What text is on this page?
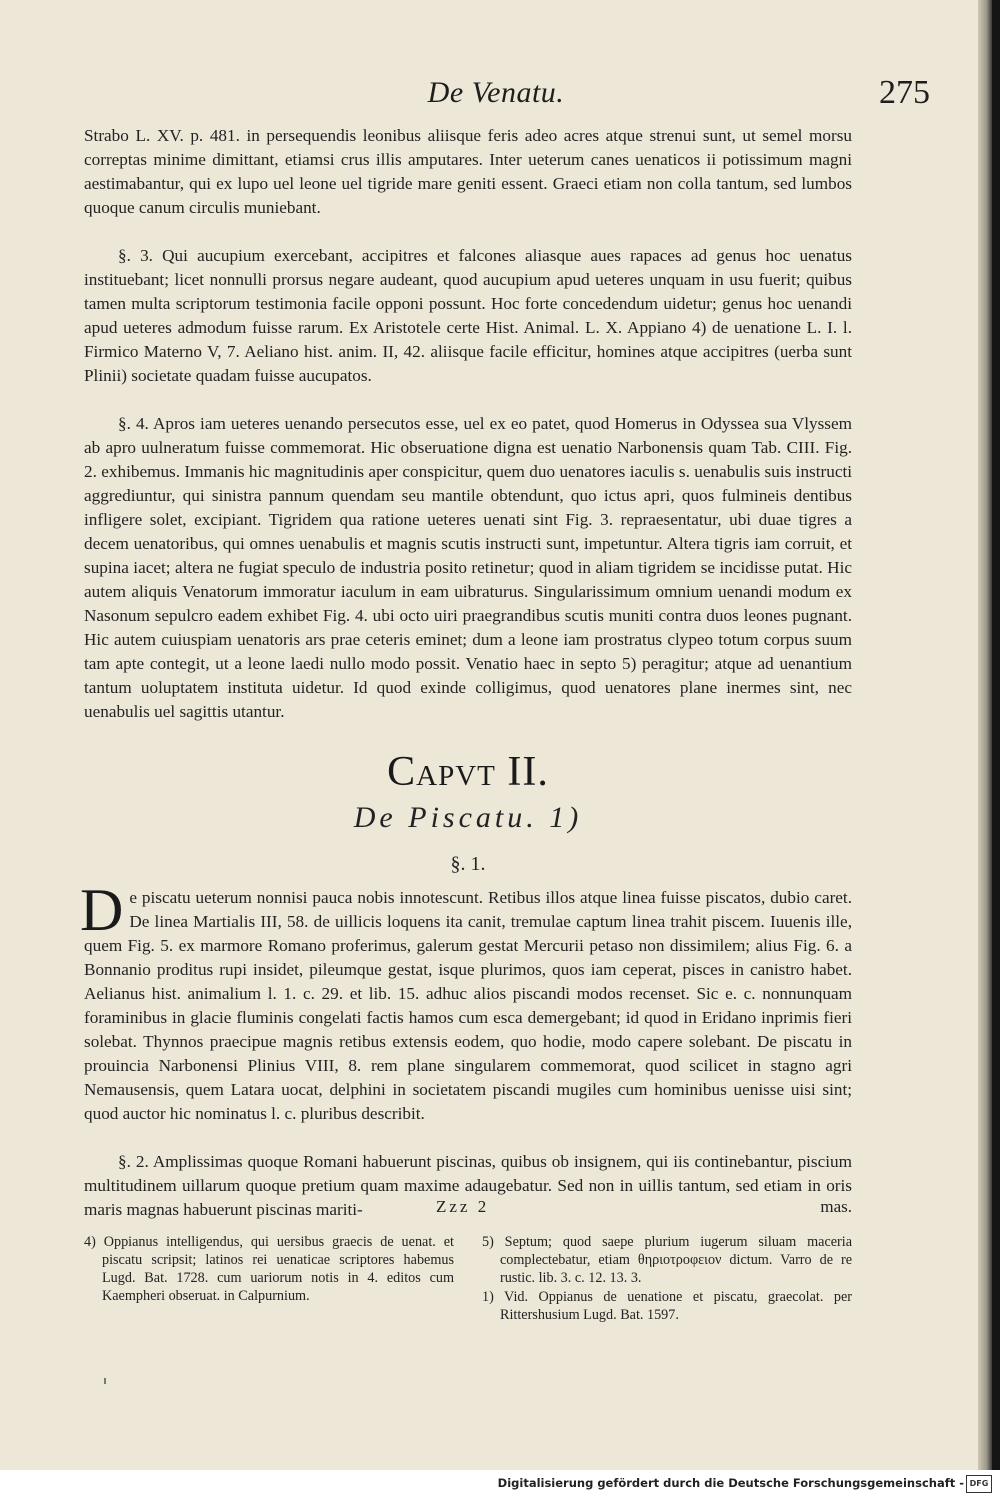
De Venatu.	275

Strabo L. XV. p. 481. in persequendis leonibus aliisque feris adeo acres atque strenui sunt, ut semel morsu correptas minime dimittant, etiamsi crus illis amputares. Inter ueterum canes uenaticos ii potissimum magni aestimabantur, qui ex lupo uel leone uel tigride mare geniti essent. Graeci etiam non colla tantum, sed lumbos quoque canum circulis muniebant.

§. 3. Qui aucupium exercebant, accipitres et falcones aliasque aues rapaces ad genus hoc uenatus instituebant; licet nonnulli prorsus negare audeant, quod aucupium apud ueteres unquam in usu fuerit; quibus tamen multa scriptorum testimonia facile opponi possunt. Hoc forte concedendum uidetur; genus hoc uenandi apud ueteres admodum fuisse rarum. Ex Aristotele certe Hist. Animal. L. X. Appiano 4) de uenatione L. I. l. Firmico Materno V, 7. Aeliano hist. anim. II, 42. aliisque facile efficitur, homines atque accipitres (uerba sunt Plinii) societate quadam fuisse aucupatos.

§. 4. Apros iam ueteres uenando persecutos esse, uel ex eo patet, quod Homerus in Odyssea sua Vlyssem ab apro uulneratum fuisse commemorat. Hic obseruatione digna est uenatio Narbonensis quam Tab. CIII. Fig. 2. exhibemus. Immanis hic magnitudinis aper conspicitur, quem duo uenatores iaculis s. uenabulis suis instructi aggrediuntur, qui sinistra pannum quendam seu mantile obtendunt, quo ictus apri, quos fulmineis dentibus infligere solet, excipiant. Tigridem qua ratione ueteres uenati sint Fig. 3. repraesentatur, ubi duae tigres a decem uenatoribus, qui omnes uenabulis et magnis scutis instructi sunt, impetuntur. Altera tigris iam corruit, et supina iacet; altera ne fugiat speculo de industria posito retinetur; quod in aliam tigridem se incidisse putat. Hic autem aliquis Venatorum immoratur iaculum in eam uibraturus. Singularissimum omnium uenandi modum ex Nasonum sepulcro eadem exhibet Fig. 4. ubi octo uiri praegrandibus scutis muniti contra duos leones pugnant. Hic autem cuiuspiam uenatoris ars prae ceteris eminet; dum a leone iam prostratus clypeo totum corpus suum tam apte contegit, ut a leone laedi nullo modo possit. Venatio haec in septo 5) peragitur; atque ad uenantium tantum uoluptatem instituta uidetur. Id quod exinde colligimus, quod uenatores plane inermes sint, nec uenabulis uel sagittis utantur.

Capvt II.
De Piscatu. 1)
§. 1.

De piscatu ueterum nonnisi pauca nobis innotescunt. Retibus illos atque linea fuisse piscatos, dubio caret. De linea Martialis III, 58. de uillicis loquens ita canit, tremulae captum linea trahit piscem. Iuuenis ille, quem Fig. 5. ex marmore Romano proferimus, galerum gestat Mercurii petaso non dissimilem; alius Fig. 6. a Bonnanio proditus rupi insidet, pileumque gestat, isque plurimos, quos iam ceperat, pisces in canistro habet. Aelianus hist. animalium l. 1. c. 29. et lib. 15. adhuc alios piscandi modos recenset. Sic e. c. nonnunquam foraminibus in glacie fluminis congelati factis hamos cum esca demergebant; id quod in Eridano inprimis fieri solebat. Thynnos praecipue magnis retibus extensis eodem, quo hodie, modo capere solebant. De piscatu in prouincia Narbonensi Plinius VIII, 8. rem plane singularem commemorat, quod scilicet in stagno agri Nemausensis, quem Latara uocat, delphini in societatem piscandi mugiles cum hominibus uenisse uisi sint; quod auctor hic nominatus l. c. pluribus describit.

§. 2. Amplissimas quoque Romani habuerunt piscinas, quibus ob insignem, qui iis continebantur, piscium multitudinem uillarum quoque pretium quam maxime adaugebatur. Sed non in uillis tantum, sed etiam in oris maris magnas habuerunt piscinas mariti-	Zzz 2	mas.

4) Oppianus intelligendus, qui uersibus graecis de uenat. et piscatu scripsit; latinos rei uenaticae scriptores habemus Lugd. Bat. 1728. cum uariorum notis in 4. editos cum Kaempheri obseruat. in Calpurnium.

5) Septum; quod saepe plurium iugerum siluam maceria complectebatur, etiam θηριοτροφειον dictum. Varro de re rustic. lib. 3. c. 12. 13. 3.

1) Vid. Oppianus de uenatione et piscatu, graecolat. per Rittershusium Lugd. Bat. 1597.

Digitalisierung gefördert durch die Deutsche Forschungsgemeinschaft - DFG
